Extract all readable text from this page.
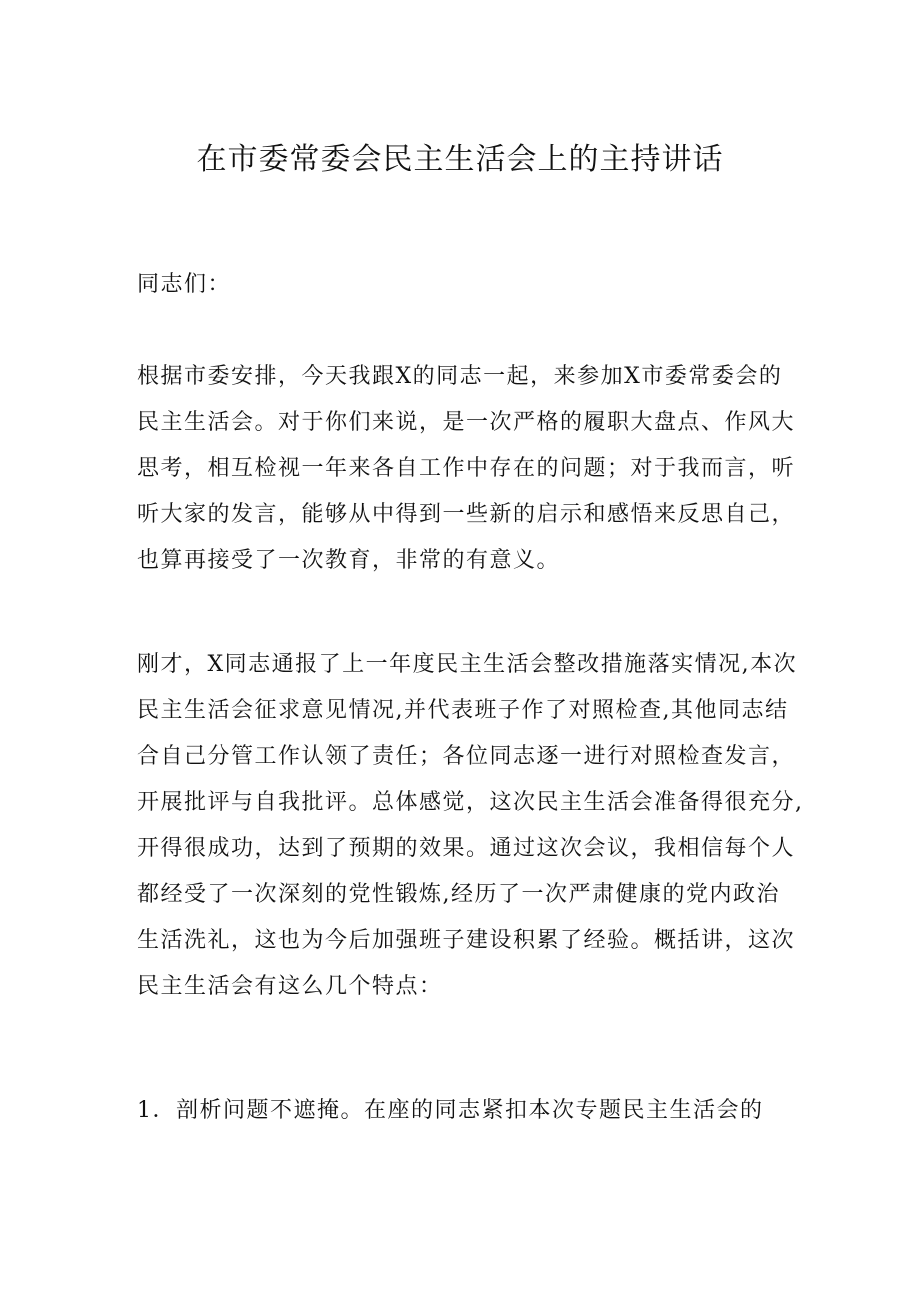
在市委常委会民主生活会上的主持讲话

同志们：

根据市委安排，今天我跟X的同志一起，来参加X市委常委会的
民主生活会。对于你们来说，是一次严格的履职大盘点、作风大
思考，相互检视一年来各自工作中存在的问题；对于我而言，听
听大家的发言，能够从中得到一些新的启示和感悟来反思自己，
也算再接受了一次教育，非常的有意义。

刚才，X同志通报了上一年度民主生活会整改措施落实情况,本次
民主生活会征求意见情况,并代表班子作了对照检查,其他同志结
合自己分管工作认领了责任；各位同志逐一进行对照检查发言，
开展批评与自我批评。总体感觉，这次民主生活会准备得很充分,
开得很成功，达到了预期的效果。通过这次会议，我相信每个人
都经受了一次深刻的党性锻炼,经历了一次严肃健康的党内政治
生活洗礼，这也为今后加强班子建设积累了经验。概括讲，这次
民主生活会有这么几个特点：

1．剖析问题不遮掩。在座的同志紧扣本次专题民主生活会的
